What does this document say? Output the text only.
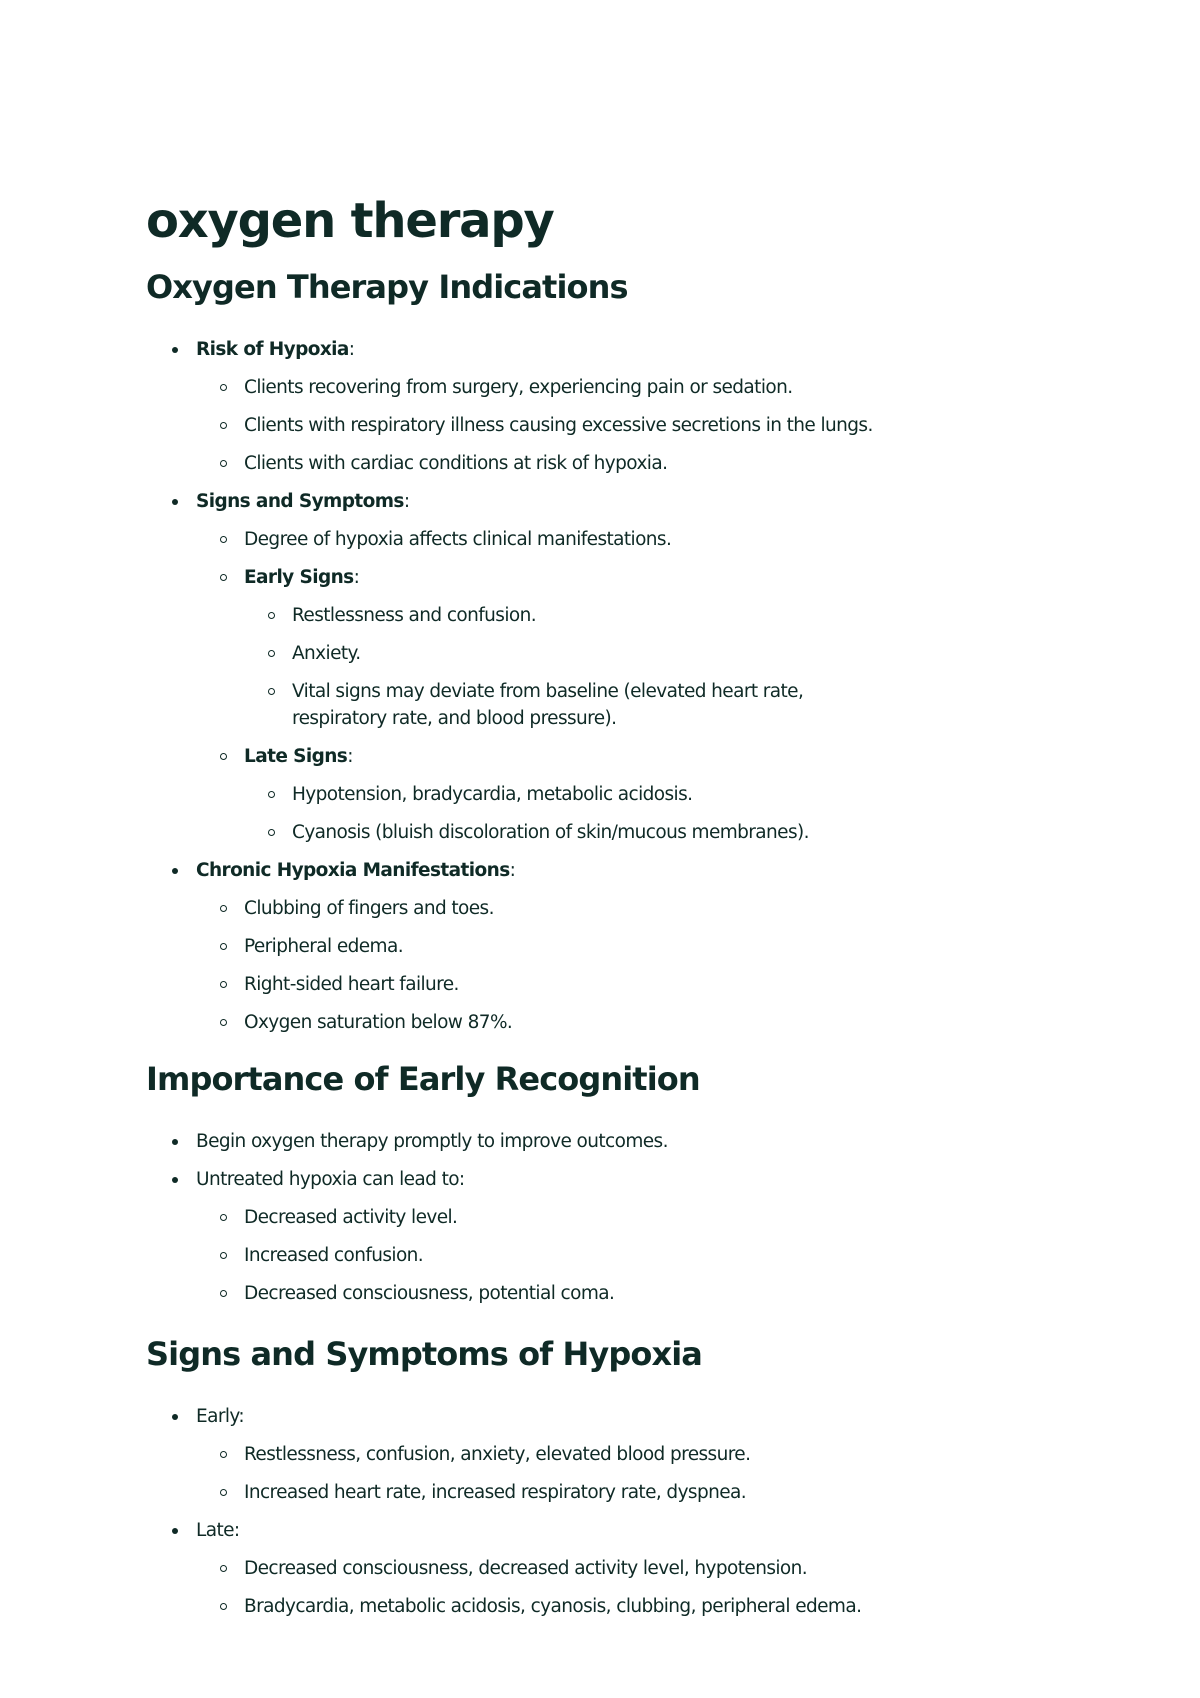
oxygen therapy
Oxygen Therapy Indications
Risk of Hypoxia:
Clients recovering from surgery, experiencing pain or sedation.
Clients with respiratory illness causing excessive secretions in the lungs.
Clients with cardiac conditions at risk of hypoxia.
Signs and Symptoms:
Degree of hypoxia affects clinical manifestations.
Early Signs:
Restlessness and confusion.
Anxiety.
Vital signs may deviate from baseline (elevated heart rate, respiratory rate, and blood pressure).
Late Signs:
Hypotension, bradycardia, metabolic acidosis.
Cyanosis (bluish discoloration of skin/mucous membranes).
Chronic Hypoxia Manifestations:
Clubbing of fingers and toes.
Peripheral edema.
Right-sided heart failure.
Oxygen saturation below 87%.
Importance of Early Recognition
Begin oxygen therapy promptly to improve outcomes.
Untreated hypoxia can lead to:
Decreased activity level.
Increased confusion.
Decreased consciousness, potential coma.
Signs and Symptoms of Hypoxia
Early:
Restlessness, confusion, anxiety, elevated blood pressure.
Increased heart rate, increased respiratory rate, dyspnea.
Late:
Decreased consciousness, decreased activity level, hypotension.
Bradycardia, metabolic acidosis, cyanosis, clubbing, peripheral edema.
